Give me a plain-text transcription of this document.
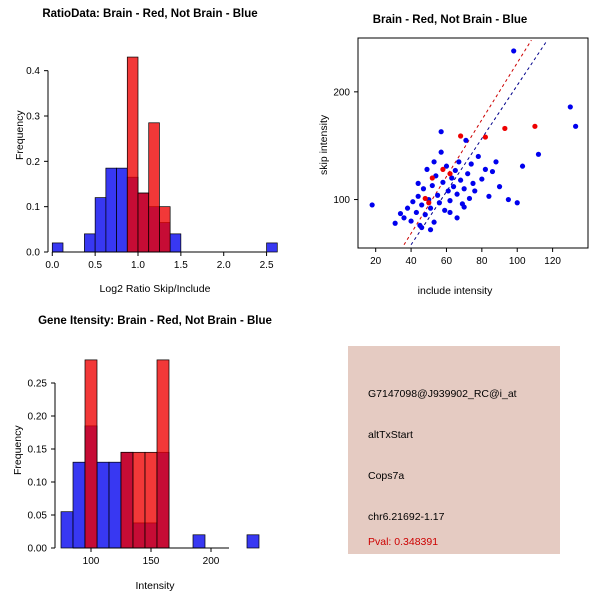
RatioData: Brain - Red, Not Brain - Blue
0.0	0.5	1.0	1.5	2.0	2.5
0.0
0.1
0.2
0.3
0.4
Frequency
Log2 Ratio Skip/Include
Brain - Red, Not Brain - Blue
20 40 60 80 100 120
100
200
skip intensity
include intensity
Gene Itensity: Brain - Red, Not Brain - Blue
100	150	200
0.00
0.05
0.10
0.15
0.20
0.25
Frequency
Intensity
G7147098@J939902_RC@i_at
altTxStart
Cops7a
chr6.21692-1.17
Pval: 0.348391
